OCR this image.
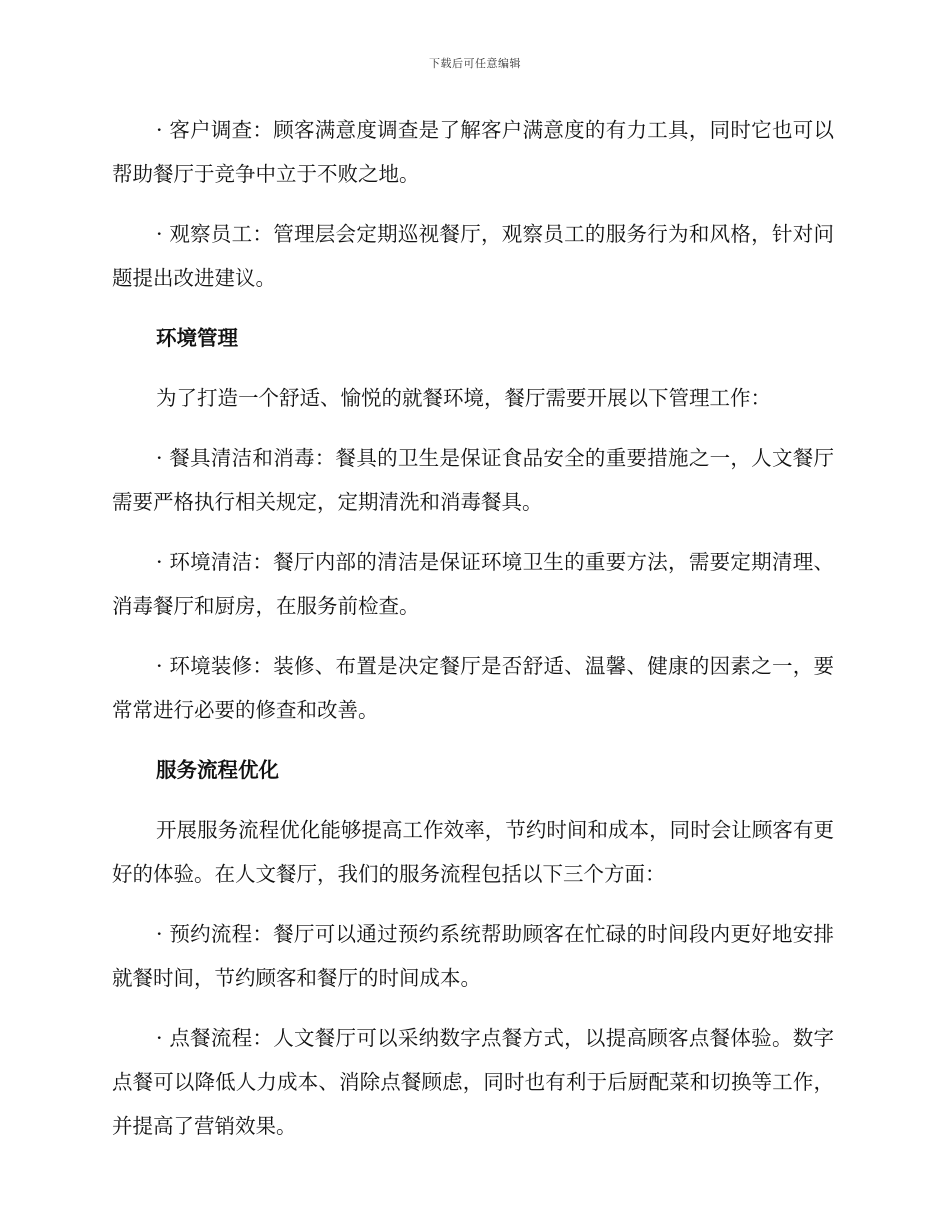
下载后可任意编辑

· 客户调查：顾客满意度调查是了解客户满意度的有力工具，同时它也可以帮助餐厅于竞争中立于不败之地。

· 观察员工：管理层会定期巡视餐厅，观察员工的服务行为和风格，针对问题提出改进建议。

环境管理

为了打造一个舒适、愉悦的就餐环境，餐厅需要开展以下管理工作：

· 餐具清洁和消毒：餐具的卫生是保证食品安全的重要措施之一，人文餐厅需要严格执行相关规定，定期清洗和消毒餐具。

· 环境清洁：餐厅内部的清洁是保证环境卫生的重要方法，需要定期清理、消毒餐厅和厨房，在服务前检查。

· 环境装修：装修、布置是决定餐厅是否舒适、温馨、健康的因素之一，要常常进行必要的修查和改善。

服务流程优化

开展服务流程优化能够提高工作效率，节约时间和成本，同时会让顾客有更好的体验。在人文餐厅，我们的服务流程包括以下三个方面：

· 预约流程：餐厅可以通过预约系统帮助顾客在忙碌的时间段内更好地安排就餐时间，节约顾客和餐厅的时间成本。

· 点餐流程：人文餐厅可以采纳数字点餐方式，以提高顾客点餐体验。数字点餐可以降低人力成本、消除点餐顾虑，同时也有利于后厨配菜和切换等工作，并提高了营销效果。
